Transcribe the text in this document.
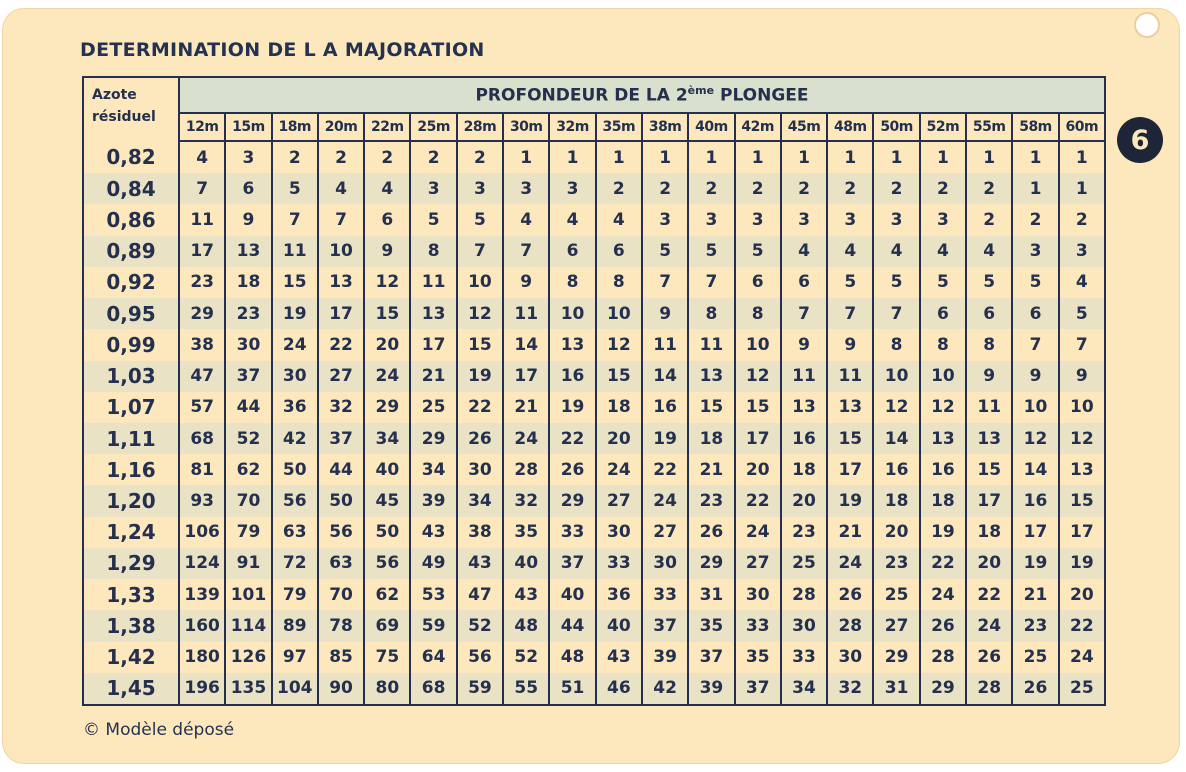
DETERMINATION DE L A MAJORATION
6
Azote
résiduel	PROFONDEUR DE LA 2ème PLONGEE																			
	12m	15m	18m	20m	22m	25m	28m	30m	32m	35m	38m	40m	42m	45m	48m	50m	52m	55m	58m	60m
0,82	4	3	2	2	2	2	2	1	1	1	1	1	1	1	1	1	1	1	1	1
0,84	7	6	5	4	4	3	3	3	3	2	2	2	2	2	2	2	2	2	1	1
0,86	11	9	7	7	6	5	5	4	4	4	3	3	3	3	3	3	3	2	2	2
0,89	17	13	11	10	9	8	7	7	6	6	5	5	5	4	4	4	4	4	3	3
0,92	23	18	15	13	12	11	10	9	8	8	7	7	6	6	5	5	5	5	5	4
0,95	29	23	19	17	15	13	12	11	10	10	9	8	8	7	7	7	6	6	6	5
0,99	38	30	24	22	20	17	15	14	13	12	11	11	10	9	9	8	8	8	7	7
1,03	47	37	30	27	24	21	19	17	16	15	14	13	12	11	11	10	10	9	9	9
1,07	57	44	36	32	29	25	22	21	19	18	16	15	15	13	13	12	12	11	10	10
1,11	68	52	42	37	34	29	26	24	22	20	19	18	17	16	15	14	13	13	12	12
1,16	81	62	50	44	40	34	30	28	26	24	22	21	20	18	17	16	16	15	14	13
1,20	93	70	56	50	45	39	34	32	29	27	24	23	22	20	19	18	18	17	16	15
1,24	106	79	63	56	50	43	38	35	33	30	27	26	24	23	21	20	19	18	17	17
1,29	124	91	72	63	56	49	43	40	37	33	30	29	27	25	24	23	22	20	19	19
1,33	139	101	79	70	62	53	47	43	40	36	33	31	30	28	26	25	24	22	21	20
1,38	160	114	89	78	69	59	52	48	44	40	37	35	33	30	28	27	26	24	23	22
1,42	180	126	97	85	75	64	56	52	48	43	39	37	35	33	30	29	28	26	25	24
1,45	196	135	104	90	80	68	59	55	51	46	42	39	37	34	32	31	29	28	26	25
© Modèle déposé
